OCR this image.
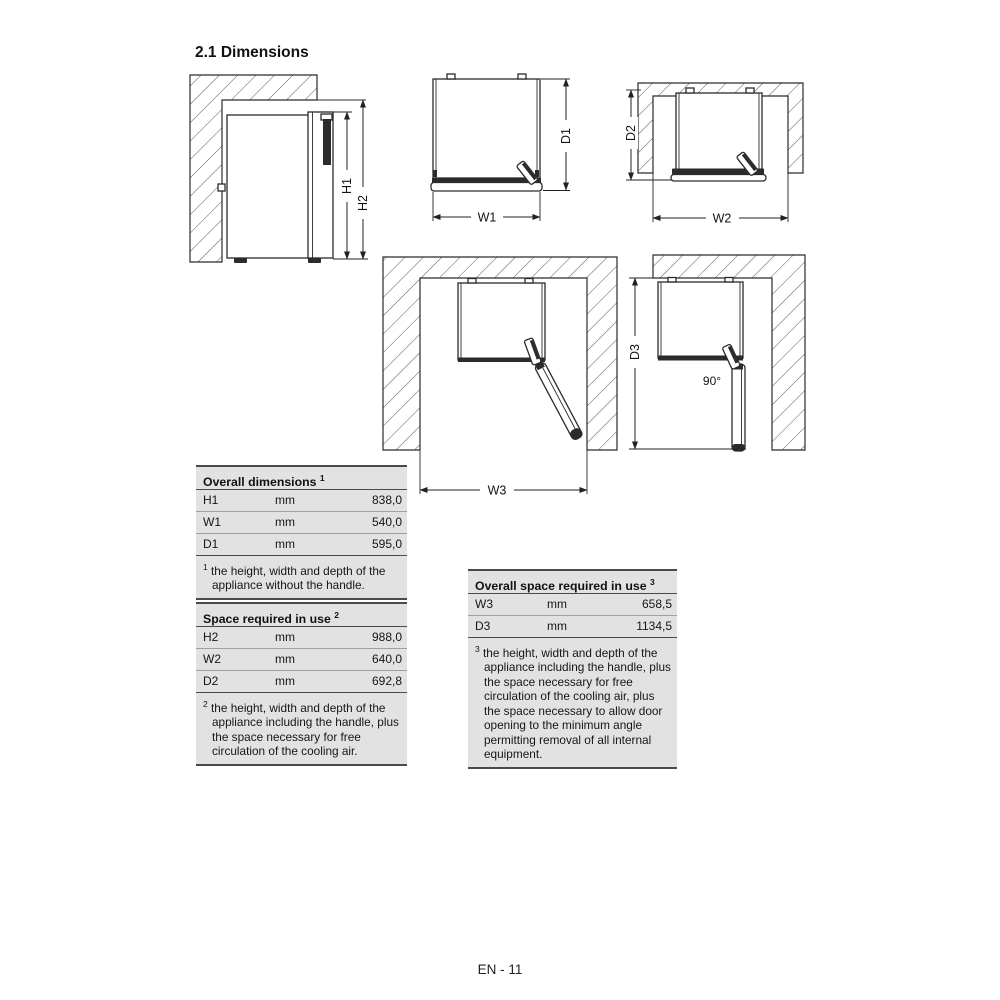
2.1 Dimensions
H1
H2
D1
W1
D2
W2
W3
90°
D3
Overall dimensions $^1$
H1	mm	838,0
W1	mm	540,0
D1	mm	595,0

$^1$ the height, width and depth of the appliance without the handle.

Space required in use $^2$
H2	mm	988,0
W2	mm	640,0
D2	mm	692,8

$^2$ the height, width and depth of the appliance including the handle, plus the space necessary for free circulation of the cooling air.

Overall space required in use $^3$
W3	mm	658,5
D3	mm	1134,5

$^3$ the height, width and depth of the appliance including the handle, plus the space necessary for free circulation of the cooling air, plus the space necessary to allow door opening to the minimum angle permitting removal of all internal equipment.

EN - 11
